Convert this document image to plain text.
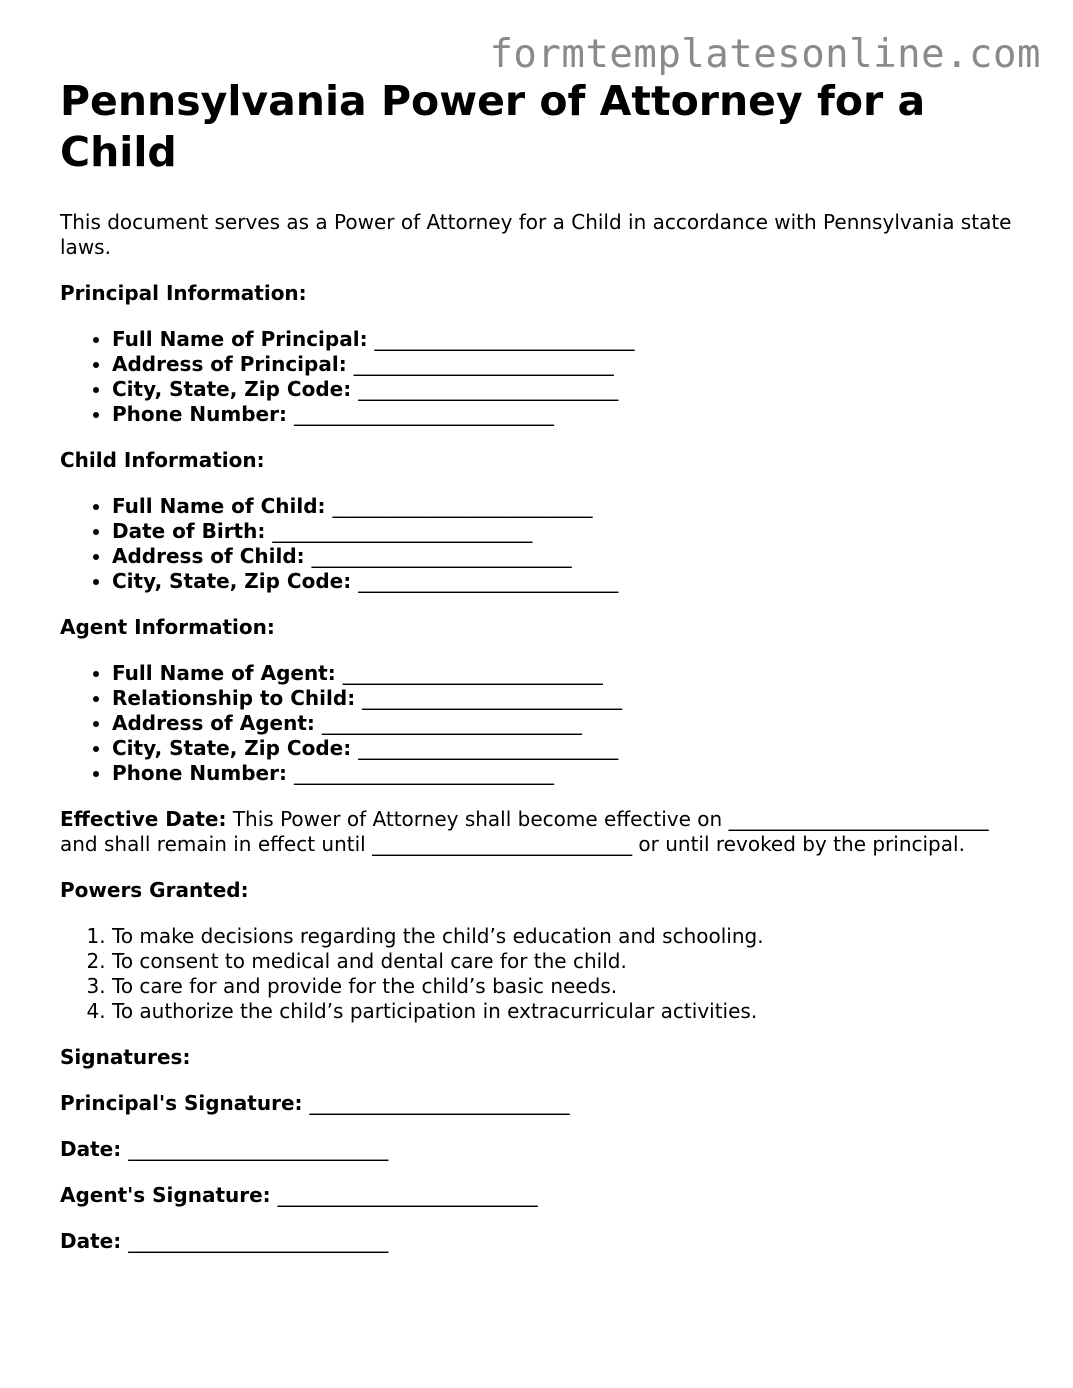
formtemplatesonline.com
Pennsylvania Power of Attorney for a Child

This document serves as a Power of Attorney for a Child in accordance with Pennsylvania state laws.

Principal Information:

• Full Name of Principal: __________________________
• Address of Principal: __________________________
• City, State, Zip Code: __________________________
• Phone Number: __________________________

Child Information:

• Full Name of Child: __________________________
• Date of Birth: __________________________
• Address of Child: __________________________
• City, State, Zip Code: __________________________

Agent Information:

• Full Name of Agent: __________________________
• Relationship to Child: __________________________
• Address of Agent: __________________________
• City, State, Zip Code: __________________________
• Phone Number: __________________________

Effective Date: This Power of Attorney shall become effective on __________________________ and shall remain in effect until __________________________ or until revoked by the principal.

Powers Granted:

1. To make decisions regarding the child’s education and schooling.
2. To consent to medical and dental care for the child.
3. To care for and provide for the child’s basic needs.
4. To authorize the child’s participation in extracurricular activities.

Signatures:

Principal's Signature: __________________________

Date: __________________________

Agent's Signature: __________________________

Date: __________________________
